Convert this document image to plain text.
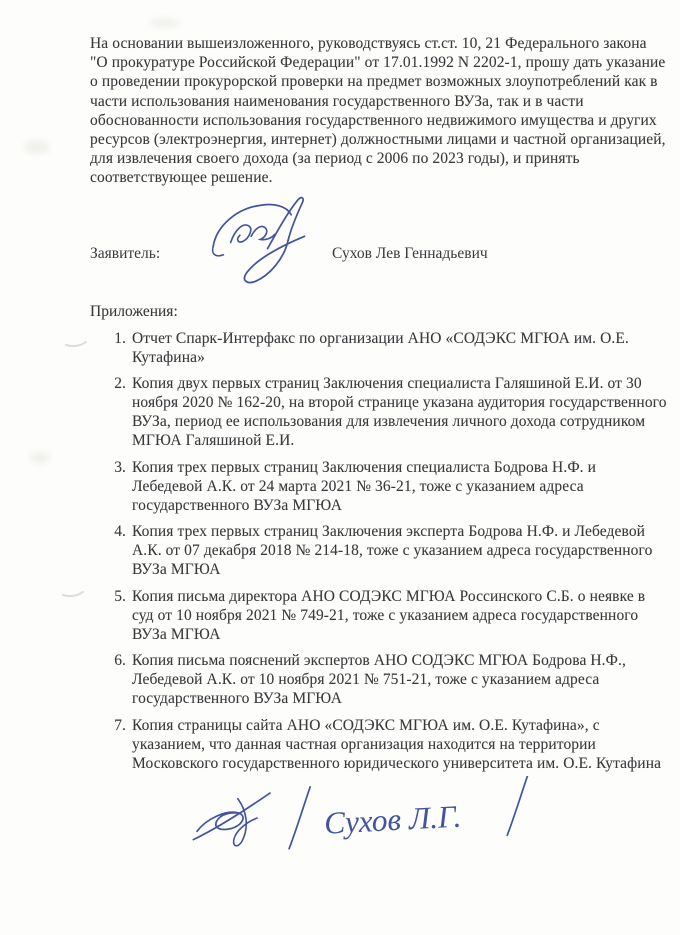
На основании вышеизложенного, руководствуясь ст.ст. 10, 21 Федерального закона "О прокуратуре Российской Федерации" от 17.01.1992 N 2202-1, прошу дать указание о проведении прокурорской проверки на предмет возможных злоупотреблений как в части использования наименования государственного ВУЗа, так и в части обоснованности использования государственного недвижимого имущества и других ресурсов (электроэнергия, интернет) должностными лицами и частной организацией, для извлечения своего дохода (за период с 2006 по 2023 годы), и принять соответствующее решение.

Заявитель:	Сухов Лев Геннадьевич

Приложения:

1. Отчет Спарк-Интерфакс по организации АНО «СОДЭКС МГЮА им. О.Е. Кутафина»
2. Копия двух первых страниц Заключения специалиста Галяшиной Е.И. от 30 ноября 2020 № 162-20, на второй странице указана аудитория государственного ВУЗа, период ее использования для извлечения личного дохода сотрудником МГЮА Галяшиной Е.И.
3. Копия трех первых страниц Заключения специалиста Бодрова Н.Ф. и Лебедевой А.К. от 24 марта 2021 № 36-21, тоже с указанием адреса государственного ВУЗа МГЮА
4. Копия трех первых страниц Заключения эксперта Бодрова Н.Ф. и Лебедевой А.К. от 07 декабря 2018 № 214-18, тоже с указанием адреса государственного ВУЗа МГЮА
5. Копия письма директора АНО СОДЭКС МГЮА Россинского С.Б. о неявке в суд от 10 ноября 2021 № 749-21, тоже с указанием адреса государственного ВУЗа МГЮА
6. Копия письма пояснений экспертов АНО СОДЭКС МГЮА Бодрова Н.Ф., Лебедевой А.К. от 10 ноября 2021 № 751-21, тоже с указанием адреса государственного ВУЗа МГЮА
7. Копия страницы сайта АНО «СОДЭКС МГЮА им. О.Е. Кутафина», с указанием, что данная частная организация находится на территории Московского государственного юридического университета им. О.Е. Кутафина
Сухов Л.Г.
